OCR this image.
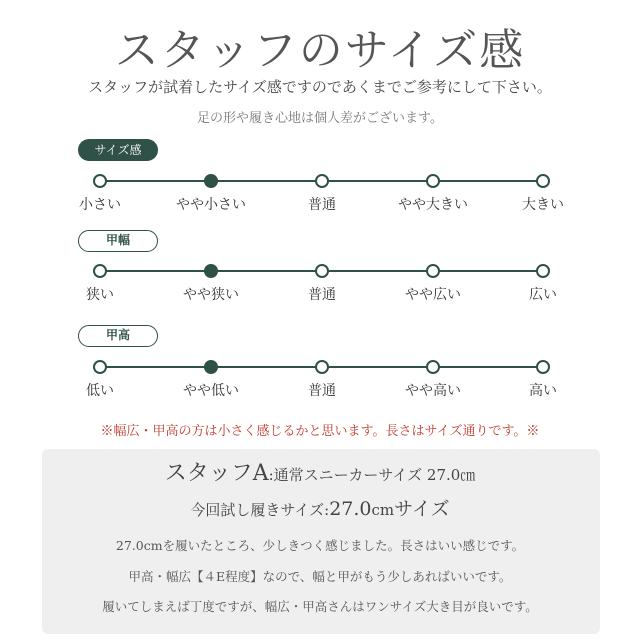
スタッフのサイズ感
スタッフが試着したサイズ感ですのであくまでご参考にして下さい。
足の形や履き心地は個人差がございます。
サイズ感
小さい	やや小さい	普通	やや大きい	大きい
甲幅
狭い	やや狭い	普通	やや広い	広い
甲高
低い	やや低い	普通	やや高い	高い
※幅広・甲高の方は小さく感じるかと思います。長さはサイズ通りです。※
スタッフA:通常スニーカーサイズ 27.0㎝
今回試し履きサイズ:27.0cmサイズ
27.0cmを履いたところ、少しきつく感じました。長さはいい感じです。
甲高・幅広【４E程度】なので、幅と甲がもう少しあればいいです。
履いてしまえば丁度ですが、幅広・甲高さんはワンサイズ大き目が良いです。
